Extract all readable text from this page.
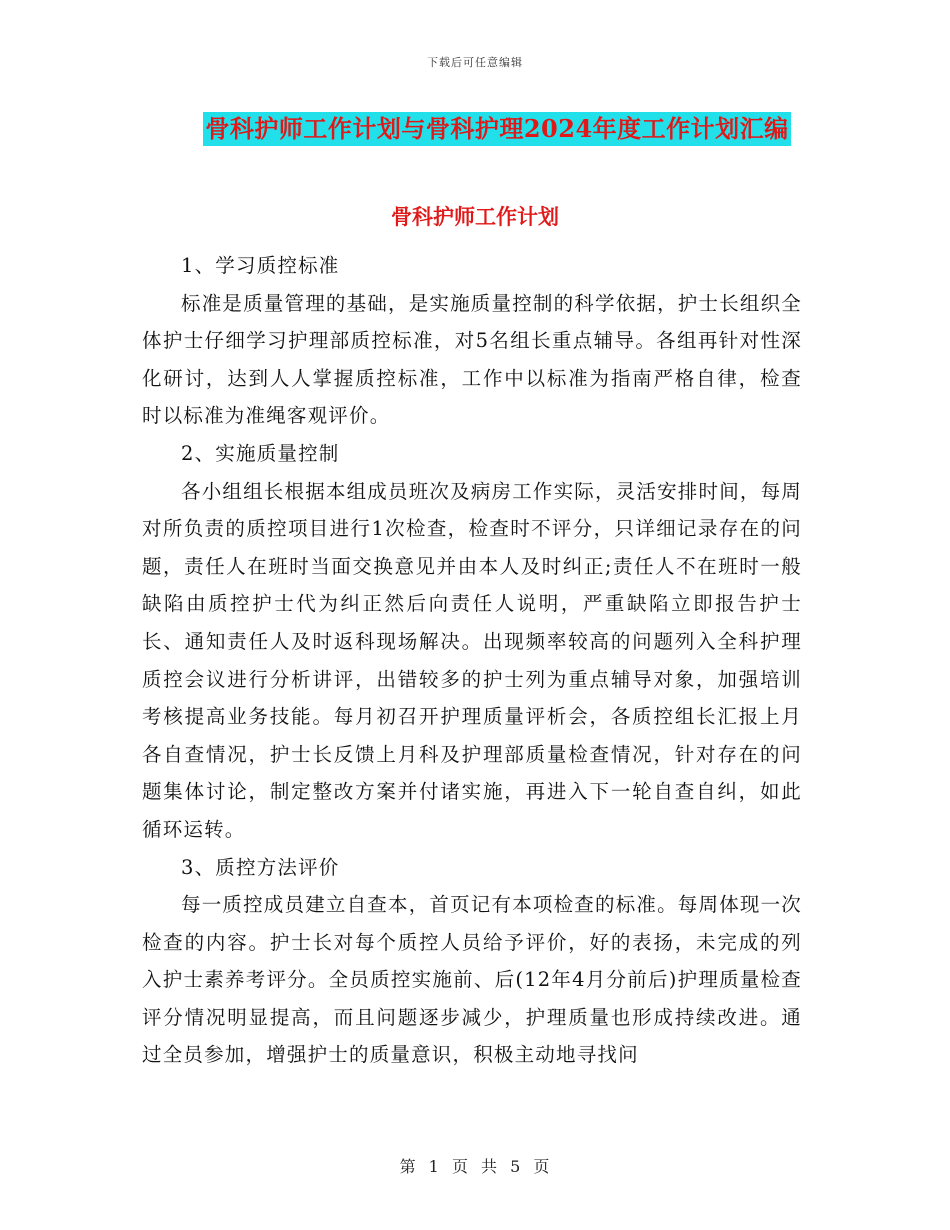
下载后可任意编辑
骨科护师工作计划与骨科护理2024年度工作计划汇编
骨科护师工作计划

1、学习质控标准

标准是质量管理的基础，是实施质量控制的科学依据，护士长组织全体护士仔细学习护理部质控标准，对5名组长重点辅导。各组再针对性深化研讨，达到人人掌握质控标准，工作中以标准为指南严格自律，检查时以标准为准绳客观评价。

2、实施质量控制

各小组组长根据本组成员班次及病房工作实际，灵活安排时间，每周对所负责的质控项目进行1次检查，检查时不评分，只详细记录存在的问题，责任人在班时当面交换意见并由本人及时纠正;责任人不在班时一般缺陷由质控护士代为纠正然后向责任人说明，严重缺陷立即报告护士长、通知责任人及时返科现场解决。出现频率较高的问题列入全科护理质控会议进行分析讲评，出错较多的护士列为重点辅导对象，加强培训考核提高业务技能。每月初召开护理质量评析会，各质控组长汇报上月各自查情况，护士长反馈上月科及护理部质量检查情况，针对存在的问题集体讨论，制定整改方案并付诸实施，再进入下一轮自查自纠，如此循环运转。

3、质控方法评价

每一质控成员建立自查本，首页记有本项检查的标准。每周体现一次检查的内容。护士长对每个质控人员给予评价，好的表扬，未完成的列入护士素养考评分。全员质控实施前、后(12年4月分前后)护理质量检查评分情况明显提高，而且问题逐步减少，护理质量也形成持续改进。通过全员参加，增强护士的质量意识，积极主动地寻找问

第 1 页 共 5 页
